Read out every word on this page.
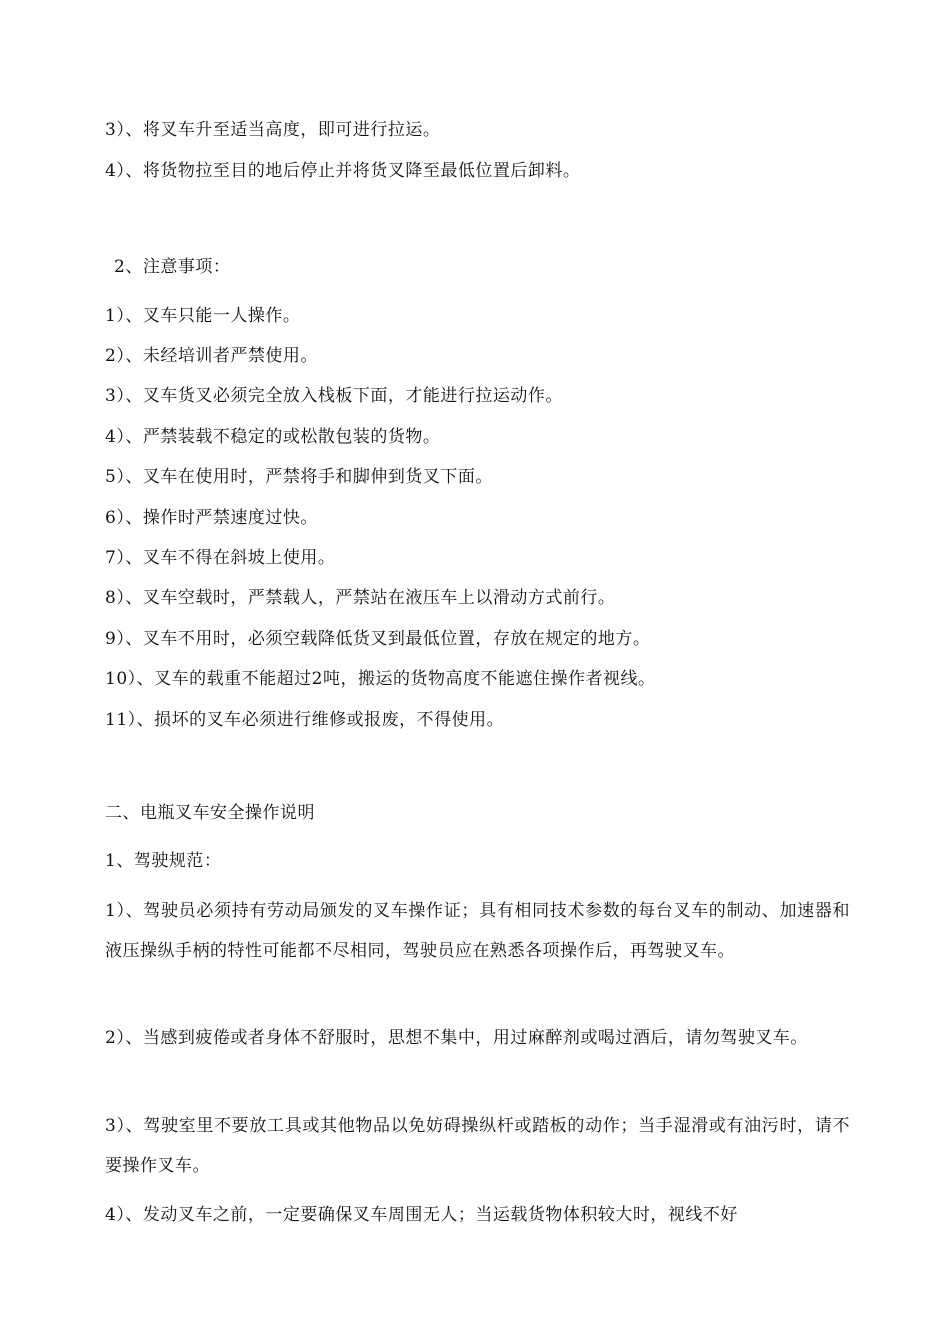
3）、将叉车升至适当高度，即可进行拉运。
4）、将货物拉至目的地后停止并将货叉降至最低位置后卸料。
2、注意事项：
1）、叉车只能一人操作。
2）、未经培训者严禁使用。
3）、叉车货叉必须完全放入栈板下面，才能进行拉运动作。
4）、严禁装载不稳定的或松散包装的货物。
5）、叉车在使用时，严禁将手和脚伸到货叉下面。
6）、操作时严禁速度过快。
7）、叉车不得在斜坡上使用。
8）、叉车空载时，严禁载人，严禁站在液压车上以滑动方式前行。
9）、叉车不用时，必须空载降低货叉到最低位置，存放在规定的地方。
10）、叉车的载重不能超过2吨，搬运的货物高度不能遮住操作者视线。
11）、损坏的叉车必须进行维修或报废，不得使用。
二、电瓶叉车安全操作说明
1、驾驶规范：
1）、驾驶员必须持有劳动局颁发的叉车操作证；具有相同技术参数的每台叉车的制动、加速器和液压操纵手柄的特性可能都不尽相同，驾驶员应在熟悉各项操作后，再驾驶叉车。
2）、当感到疲倦或者身体不舒服时，思想不集中，用过麻醉剂或喝过酒后，请勿驾驶叉车。
3）、驾驶室里不要放工具或其他物品以免妨碍操纵杆或踏板的动作；当手湿滑或有油污时，请不要操作叉车。
4）、发动叉车之前，一定要确保叉车周围无人；当运载货物体积较大时，视线不好
